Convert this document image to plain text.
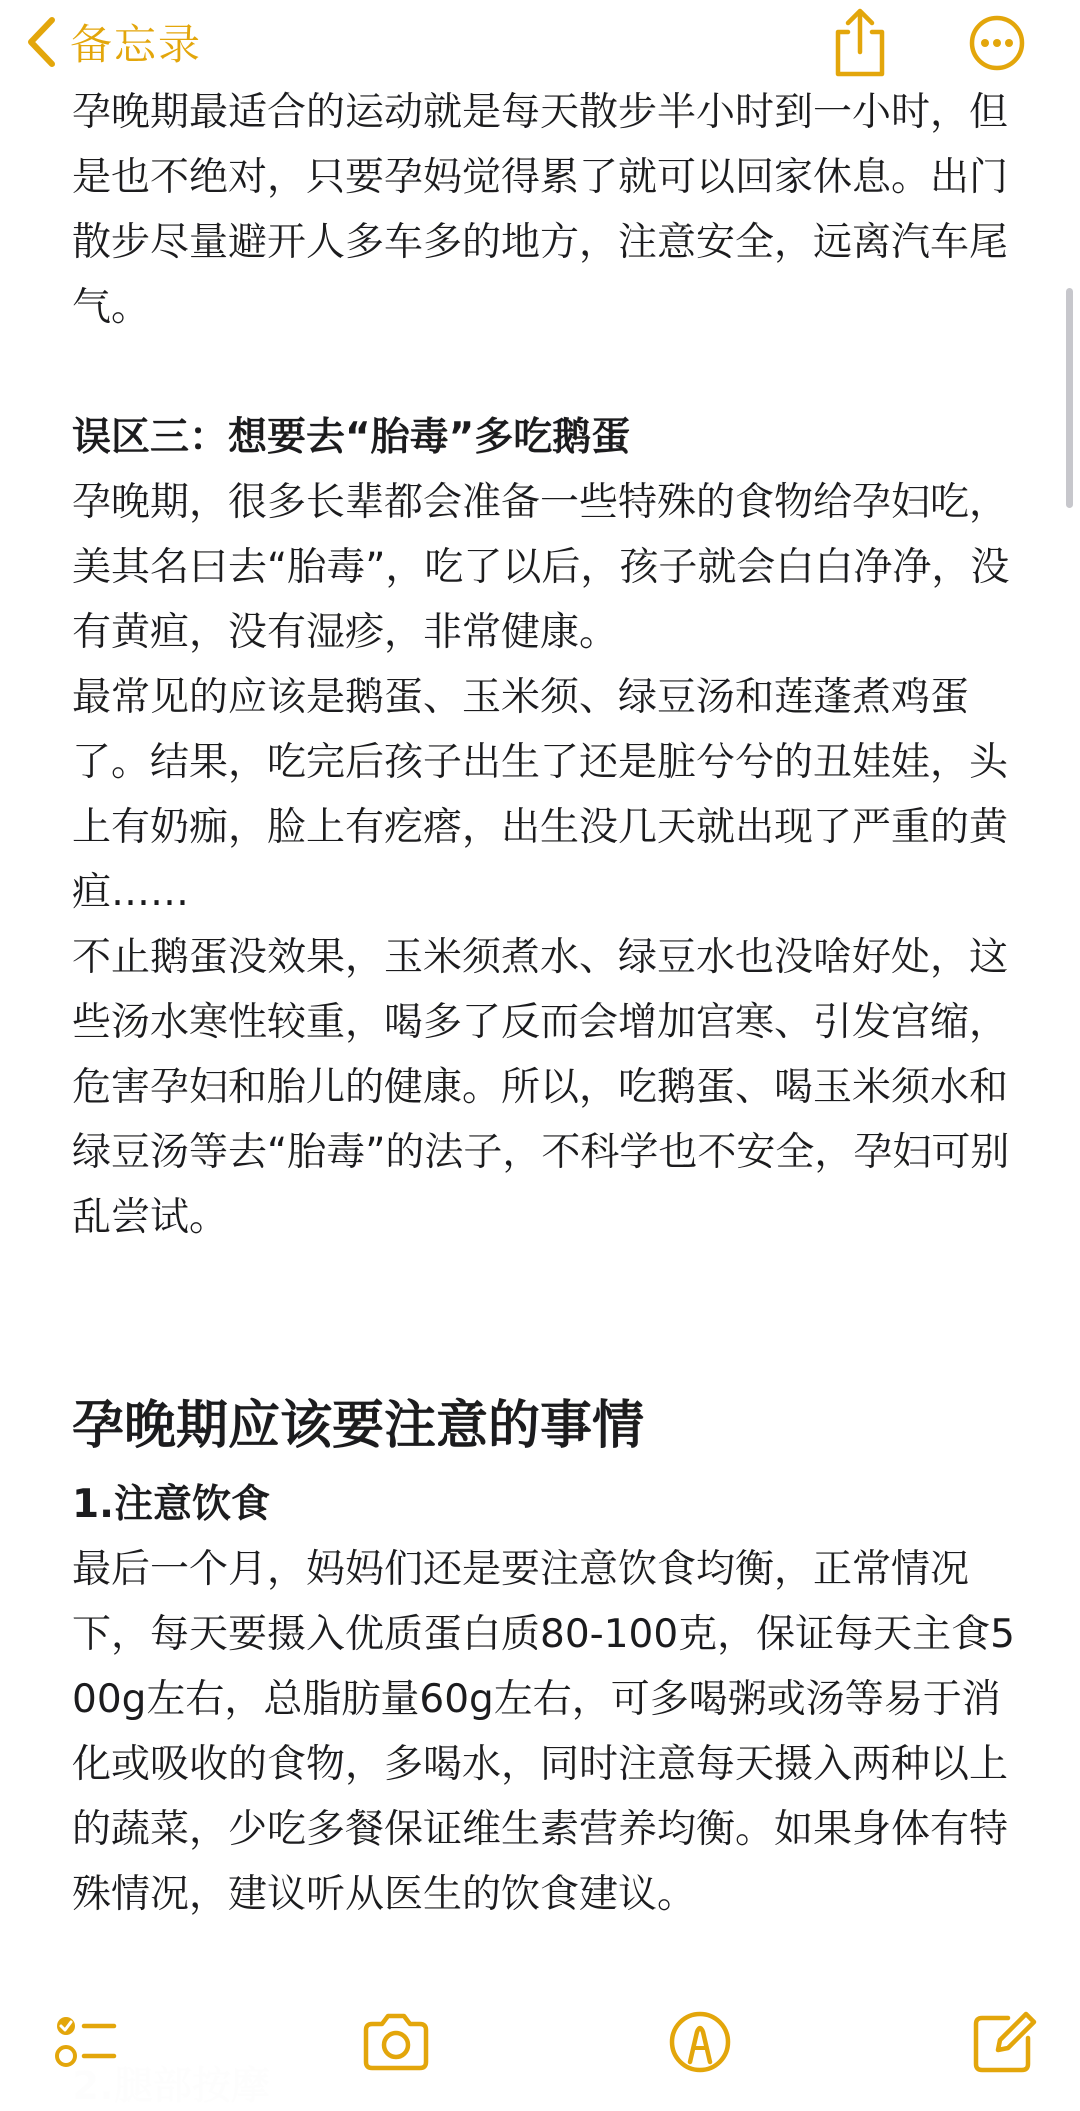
备忘录

孕晚期最适合的运动就是每天散步半小时到一小时，但是也不绝对，只要孕妈觉得累了就可以回家休息。出门散步尽量避开人多车多的地方，注意安全，远离汽车尾气。

误区三：想要去“胎毒”多吃鹅蛋

孕晚期，很多长辈都会准备一些特殊的食物给孕妇吃，美其名曰去“胎毒”，吃了以后，孩子就会白白净净，没有黄疸，没有湿疹，非常健康。

最常见的应该是鹅蛋、玉米须、绿豆汤和莲蓬煮鸡蛋了。结果，吃完后孩子出生了还是脏兮兮的丑娃娃，头上有奶痂，脸上有疙瘩，出生没几天就出现了严重的黄疸……

不止鹅蛋没效果，玉米须煮水、绿豆水也没啥好处，这些汤水寒性较重，喝多了反而会增加宫寒、引发宫缩，危害孕妇和胎儿的健康。所以，吃鹅蛋、喝玉米须水和绿豆汤等去“胎毒”的法子，不科学也不安全，孕妇可别乱尝试。

孕晚期应该要注意的事情

1.注意饮食

最后一个月，妈妈们还是要注意饮食均衡，正常情况下，每天要摄入优质蛋白质80-100克，保证每天主食500g左右，总脂肪量60g左右，可多喝粥或汤等易于消化或吸收的食物，多喝水，同时注意每天摄入两种以上的蔬菜，少吃多餐保证维生素营养均衡。如果身体有特殊情况，建议听从医生的饮食建议。
